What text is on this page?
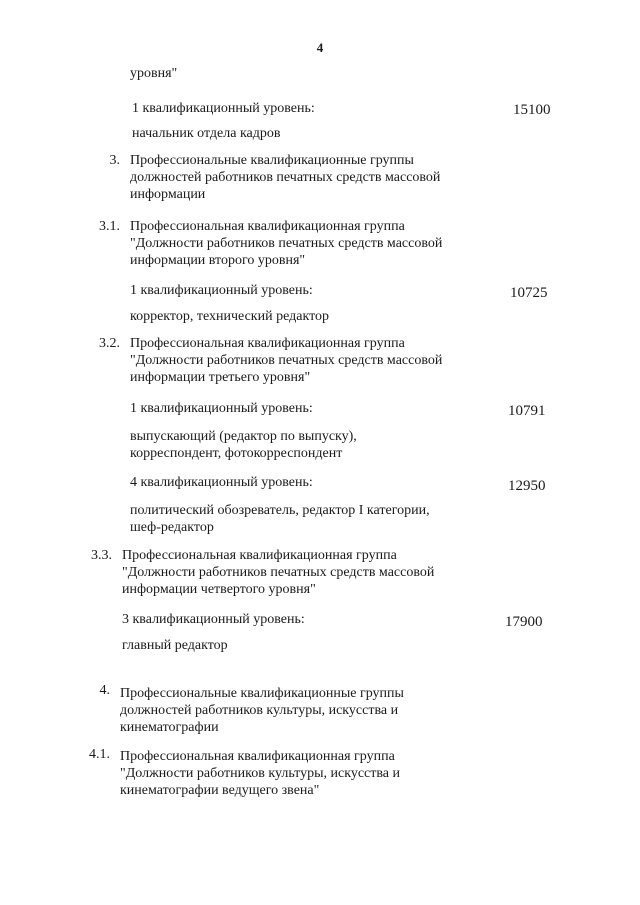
4
уровня"
1 квалификационный уровень:	15100
начальник отдела кадров
3. Профессиональные квалификационные группы
должностей работников печатных средств массовой
информации
3.1. Профессиональная квалификационная группа
"Должности работников печатных средств массовой
информации второго уровня"
1 квалификационный уровень:	10725
корректор, технический редактор
3.2. Профессиональная квалификационная группа
"Должности работников печатных средств массовой
информации третьего уровня"
1 квалификационный уровень:	10791
выпускающий (редактор по выпуску),
корреспондент, фотокорреспондент
4 квалификационный уровень:	12950
политический обозреватель, редактор I категории,
шеф-редактор
3.3. Профессиональная квалификационная группа
"Должности работников печатных средств массовой
информации четвертого уровня"
3 квалификационный уровень:	17900
главный редактор
4. Профессиональные квалификационные группы
должностей работников культуры, искусства и
кинематографии
4.1. Профессиональная квалификационная группа
"Должности работников культуры, искусства и
кинематографии ведущего звена"
